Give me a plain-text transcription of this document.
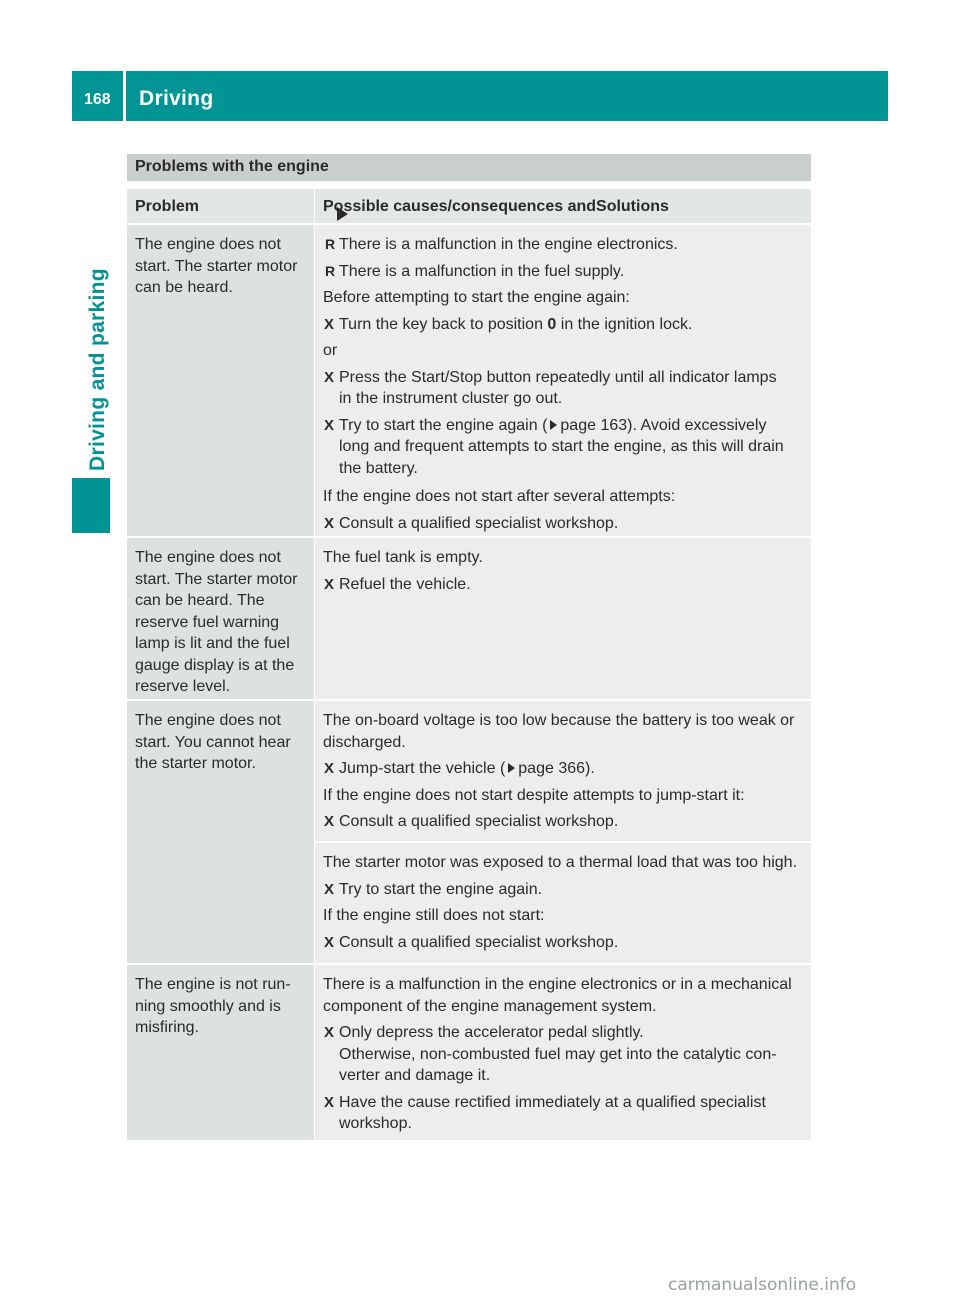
168 Driving
Driving and parking
Problems with the engine
Problem	Possible causes/consequences and
Solutions
The engine does not
start. The starter motor
can be heard.
R There is a malfunction in the engine electronics.
R There is a malfunction in the fuel supply.
Before attempting to start the engine again:
X Turn the key back to position 0 in the ignition lock.
or
X Press the Start/Stop button repeatedly until all indicator lamps
in the instrument cluster go out.
X Try to start the engine again ( page 163). Avoid excessively
long and frequent attempts to start the engine, as this will drain
the battery.
If the engine does not start after several attempts:
X Consult a qualified specialist workshop.
The engine does not
start. The starter motor
can be heard. The
reserve fuel warning
lamp is lit and the fuel
gauge display is at the
reserve level.
The fuel tank is empty.
X Refuel the vehicle.
The engine does not
start. You cannot hear
the starter motor.
The on-board voltage is too low because the battery is too weak or
discharged.
X Jump-start the vehicle ( page 366).
If the engine does not start despite attempts to jump-start it:
X Consult a qualified specialist workshop.
The starter motor was exposed to a thermal load that was too high.
X Try to start the engine again.
If the engine still does not start:
X Consult a qualified specialist workshop.
The engine is not run-
ning smoothly and is
misfiring.
There is a malfunction in the engine electronics or in a mechanical
component of the engine management system.
X Only depress the accelerator pedal slightly.
Otherwise, non-combusted fuel may get into the catalytic con-
verter and damage it.
X Have the cause rectified immediately at a qualified specialist
workshop.
carmanualsonline.info
